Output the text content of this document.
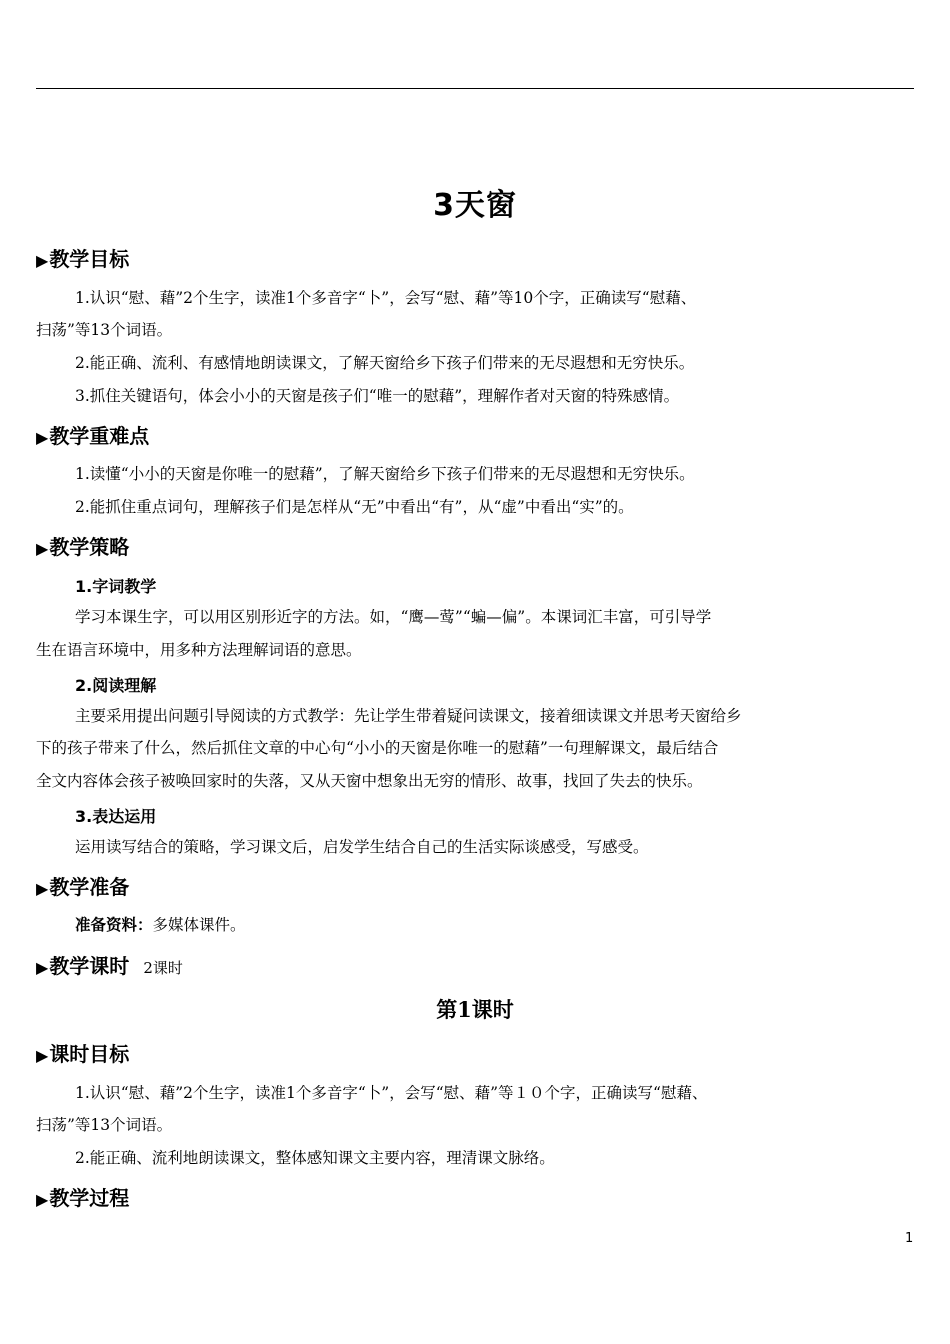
3天窗
▶教学目标
1.认识“慰、藉”2个生字，读准1个多音字“卜”，会写“慰、藉”等10个字，正确读写“慰藉、
扫荡”等13个词语。
2.能正确、流利、有感情地朗读课文，了解天窗给乡下孩子们带来的无尽遐想和无穷快乐。
3.抓住关键语句，体会小小的天窗是孩子们“唯一的慰藉”，理解作者对天窗的特殊感情。
▶教学重难点
1.读懂“小小的天窗是你唯一的慰藉”，了解天窗给乡下孩子们带来的无尽遐想和无穷快乐。
2.能抓住重点词句，理解孩子们是怎样从“无”中看出“有”，从“虚”中看出“实”的。
▶教学策略
1.字词教学
学习本课生字，可以用区别形近字的方法。如，“鹰—莺”“蝙—偏”。本课词汇丰富，可引导学
生在语言环境中，用多种方法理解词语的意思。
2.阅读理解
主要采用提出问题引导阅读的方式教学：先让学生带着疑问读课文，接着细读课文并思考天窗给乡
下的孩子带来了什么，然后抓住文章的中心句“小小的天窗是你唯一的慰藉”一句理解课文，最后结合
全文内容体会孩子被唤回家时的失落，又从天窗中想象出无穷的情形、故事，找回了失去的快乐。
3.表达运用
运用读写结合的策略，学习课文后，启发学生结合自己的生活实际谈感受，写感受。
▶教学准备
准备资料：多媒体课件。
▶教学课时 2课时
第1课时
▶课时目标
1.认识“慰、藉”2个生字，读准1个多音字“卜”，会写“慰、藉”等１０个字，正确读写“慰藉、
扫荡”等13个词语。
2.能正确、流利地朗读课文，整体感知课文主要内容，理清课文脉络。
▶教学过程
1
